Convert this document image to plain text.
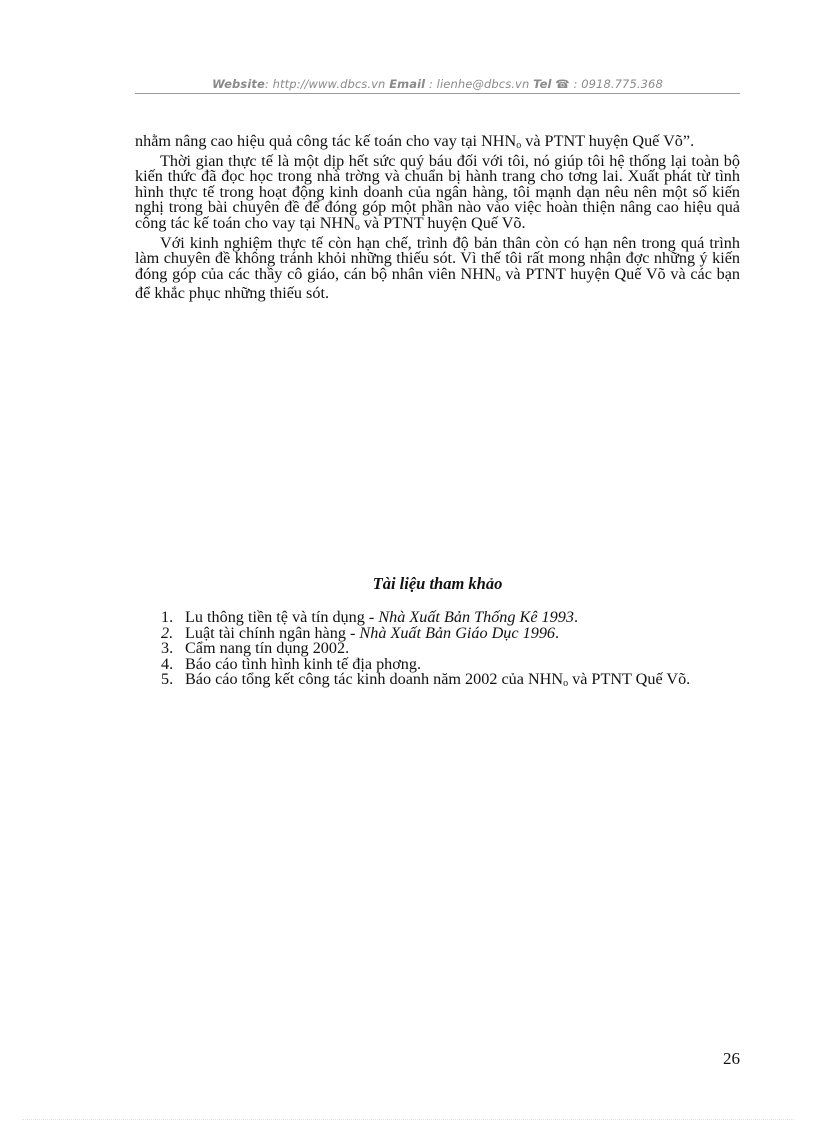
Website: http://www.dbcs.vn Email : lienhe@dbcs.vn Tel ☎ : 0918.775.368

nhằm nâng cao hiệu quả công tác kế toán cho vay tại $NHN_o$ và PTNT huyện Quế Võ”.

Thời gian thực tế là một dịp hết sức quý báu đối với tôi, nó giúp tôi hệ thống lại toàn bộ kiến thức đã đọc học trong nhà trờng và chuẩn bị hành trang cho tơng lai. Xuất phát từ tình hình thực tế trong hoạt động kinh doanh của ngân hàng, tôi mạnh dạn nêu nên một số kiến nghị trong bài chuyên đề để đóng góp một phần nào vào việc hoàn thiện nâng cao hiệu quả công tác kế toán cho vay tại $NHN_o$ và PTNT huyện Quế Võ.

Với kinh nghiệm thực tế còn hạn chế, trình độ bản thân còn có hạn nên trong quá trình làm chuyên đề không tránh khỏi những thiếu sót. Vì thế tôi rất mong nhận đợc những ý kiến đóng góp của các thầy cô giáo, cán bộ nhân viên $NHN_o$ và PTNT huyện Quế Võ và các bạn để khắc phục những thiếu sót.

Tài liệu tham khảo
1. Lu thông tiền tệ và tín dụng - Nhà Xuất Bản Thống Kê 1993.
2. Luật tài chính ngân hàng - Nhà Xuất Bản Giáo Dục 1996.
3. Cẩm nang tín dụng 2002.
4. Báo cáo tình hình kinh tế địa phơng.
5. Báo cáo tổng kết công tác kinh doanh năm 2002 của $NHN_o$ và PTNT Quế Võ.
26
